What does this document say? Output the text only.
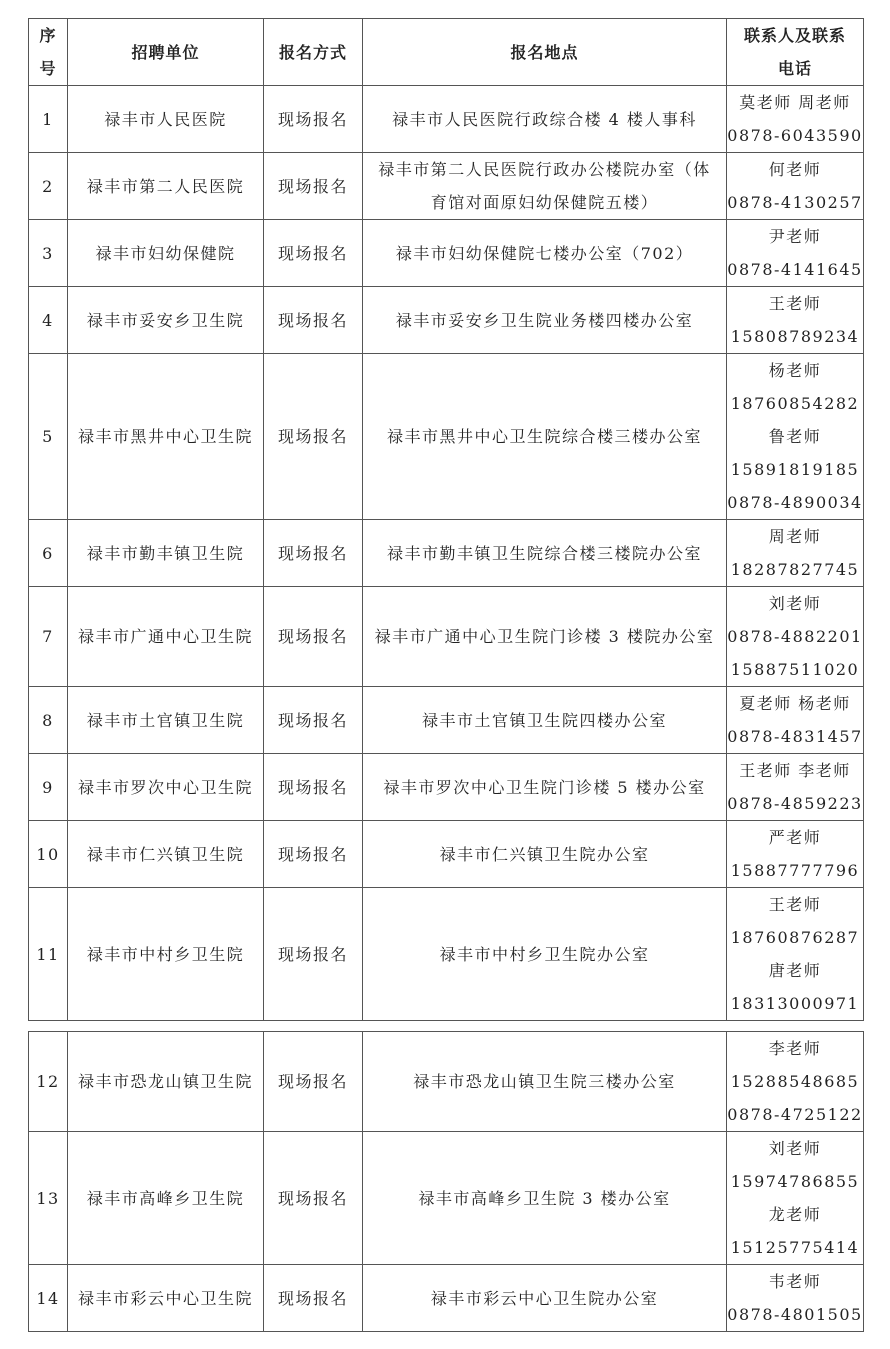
序
号	招聘单位	报名方式	报名地点	联系人及联系
电话

1	禄丰市人民医院	现场报名	禄丰市人民医院行政综合楼 4 楼人事科	莫老师 周老师
0878-6043590

2	禄丰市第二人民医院	现场报名	禄丰市第二人民医院行政办公楼院办室（体
育馆对面原妇幼保健院五楼）	何老师
0878-4130257

3	禄丰市妇幼保健院	现场报名	禄丰市妇幼保健院七楼办公室（702）	尹老师
0878-4141645

4	禄丰市妥安乡卫生院	现场报名	禄丰市妥安乡卫生院业务楼四楼办公室	王老师
15808789234

5	禄丰市黑井中心卫生院	现场报名	禄丰市黑井中心卫生院综合楼三楼办公室	杨老师
18760854282
鲁老师
15891819185
0878-4890034

6	禄丰市勤丰镇卫生院	现场报名	禄丰市勤丰镇卫生院综合楼三楼院办公室	周老师
18287827745

7	禄丰市广通中心卫生院	现场报名	禄丰市广通中心卫生院门诊楼 3 楼院办公室	刘老师
0878-4882201
15887511020

8	禄丰市土官镇卫生院	现场报名	禄丰市土官镇卫生院四楼办公室	夏老师 杨老师
0878-4831457

9	禄丰市罗次中心卫生院	现场报名	禄丰市罗次中心卫生院门诊楼 5 楼办公室	王老师 李老师
0878-4859223

10	禄丰市仁兴镇卫生院	现场报名	禄丰市仁兴镇卫生院办公室	严老师
15887777796

11	禄丰市中村乡卫生院	现场报名	禄丰市中村乡卫生院办公室	王老师
18760876287
唐老师
18313000971
12	禄丰市恐龙山镇卫生院	现场报名	禄丰市恐龙山镇卫生院三楼办公室	李老师
15288548685
0878-4725122

13	禄丰市高峰乡卫生院	现场报名	禄丰市高峰乡卫生院 3 楼办公室	刘老师
15974786855
龙老师
15125775414

14	禄丰市彩云中心卫生院	现场报名	禄丰市彩云中心卫生院办公室	韦老师
0878-4801505
